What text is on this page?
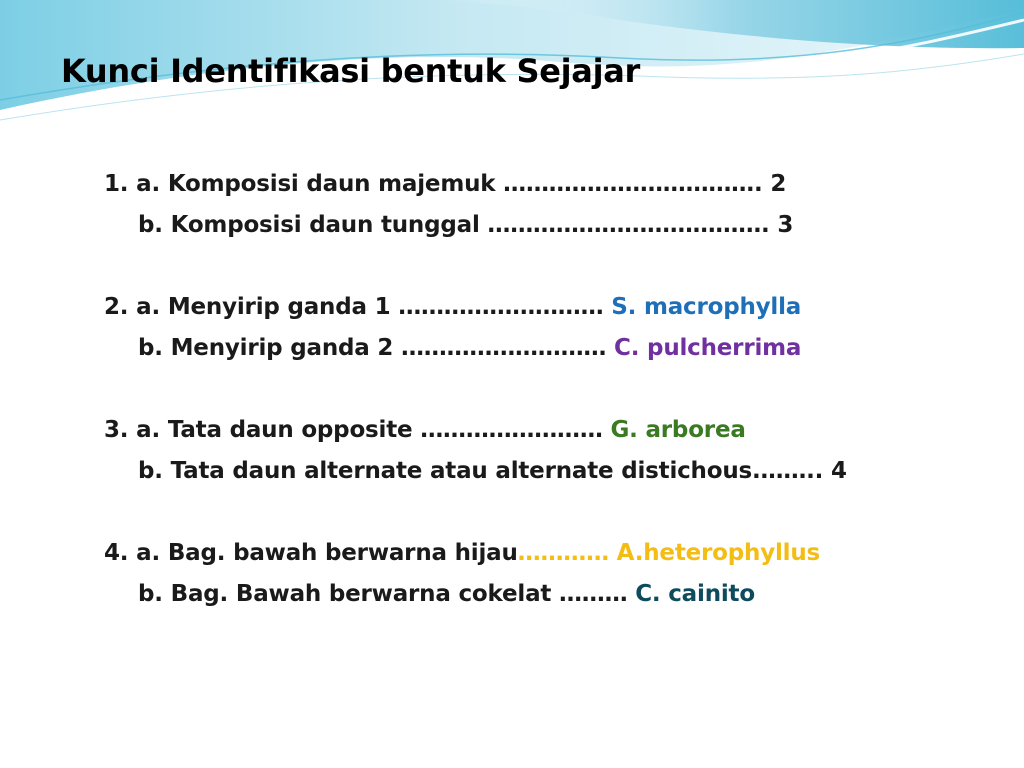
Kunci Identifikasi bentuk Sejajar
1. a. Komposisi daun majemuk ……………………………. 2
b. Komposisi daun tunggal ………………………………. 3
2. a. Menyirip ganda 1 ……………………… S. macrophylla
b. Menyirip ganda 2 ……………………… C. pulcherrima
3. a. Tata daun opposite …………………… G. arborea
b. Tata daun alternate atau alternate distichous.…….. 4
4. a. Bag. bawah berwarna hijau………… A.heterophyllus
b. Bag. Bawah berwarna cokelat ……… C. cainito
